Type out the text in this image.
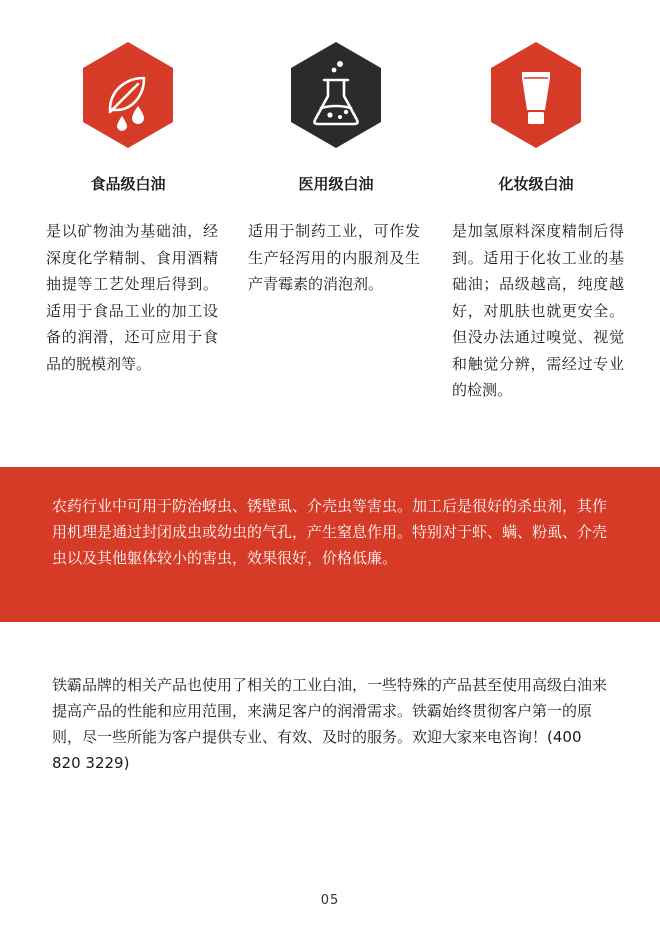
食品级白油

是以矿物油为基础油，经深度化学精制、食用酒精抽提等工艺处理后得到。适用于食品工业的加工设备的润滑，还可应用于食品的脱模剂等。

医用级白油

适用于制药工业，可作发生产轻泻用的内服剂及生产青霉素的消泡剂。

化妆级白油

是加氢原料深度精制后得到。适用于化妆工业的基础油；品级越高，纯度越好，对肌肤也就更安全。但没办法通过嗅觉、视觉和触觉分辨，需经过专业的检测。

农药行业中可用于防治蚜虫、锈壁虱、介壳虫等害虫。加工后是很好的杀虫剂，其作用机理是通过封闭成虫或幼虫的气孔，产生窒息作用。特别对于虾、螨、粉虱、介壳虫以及其他躯体较小的害虫，效果很好，价格低廉。

铁霸品牌的相关产品也使用了相关的工业白油，一些特殊的产品甚至使用高级白油来提高产品的性能和应用范围，来满足客户的润滑需求。铁霸始终贯彻客户第一的原则，尽一些所能为客户提供专业、有效、及时的服务。欢迎大家来电咨询！(400 820 3229)

05
